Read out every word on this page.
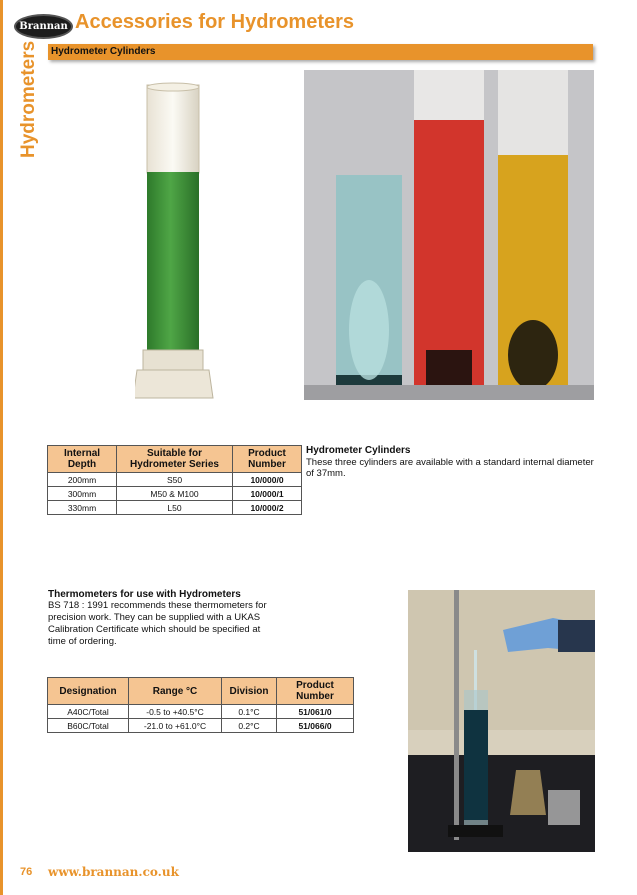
Brannan Accessories for Hydrometers
Hydrometers	Hydrometer Cylinders
Internal Depth	Suitable for Hydrometer Series	Product Number
200mm	S50	10/000/0
300mm	M50 & M100	10/000/1
330mm	L50	10/000/2
Hydrometer Cylinders
These three cylinders are available with a standard internal diameter of 37mm.
Thermometers for use with Hydrometers
BS 718 : 1991 recommends these thermometers for precision work. They can be supplied with a UKAS Calibration Certificate which should be specified at time of ordering.
Designation	Range °C	Division	Product Number
A40C/Total	-0.5 to +40.5°C	0.1°C	51/061/0
B60C/Total	-21.0 to +61.0°C	0.2°C	51/066/0
76 www.brannan.co.uk
